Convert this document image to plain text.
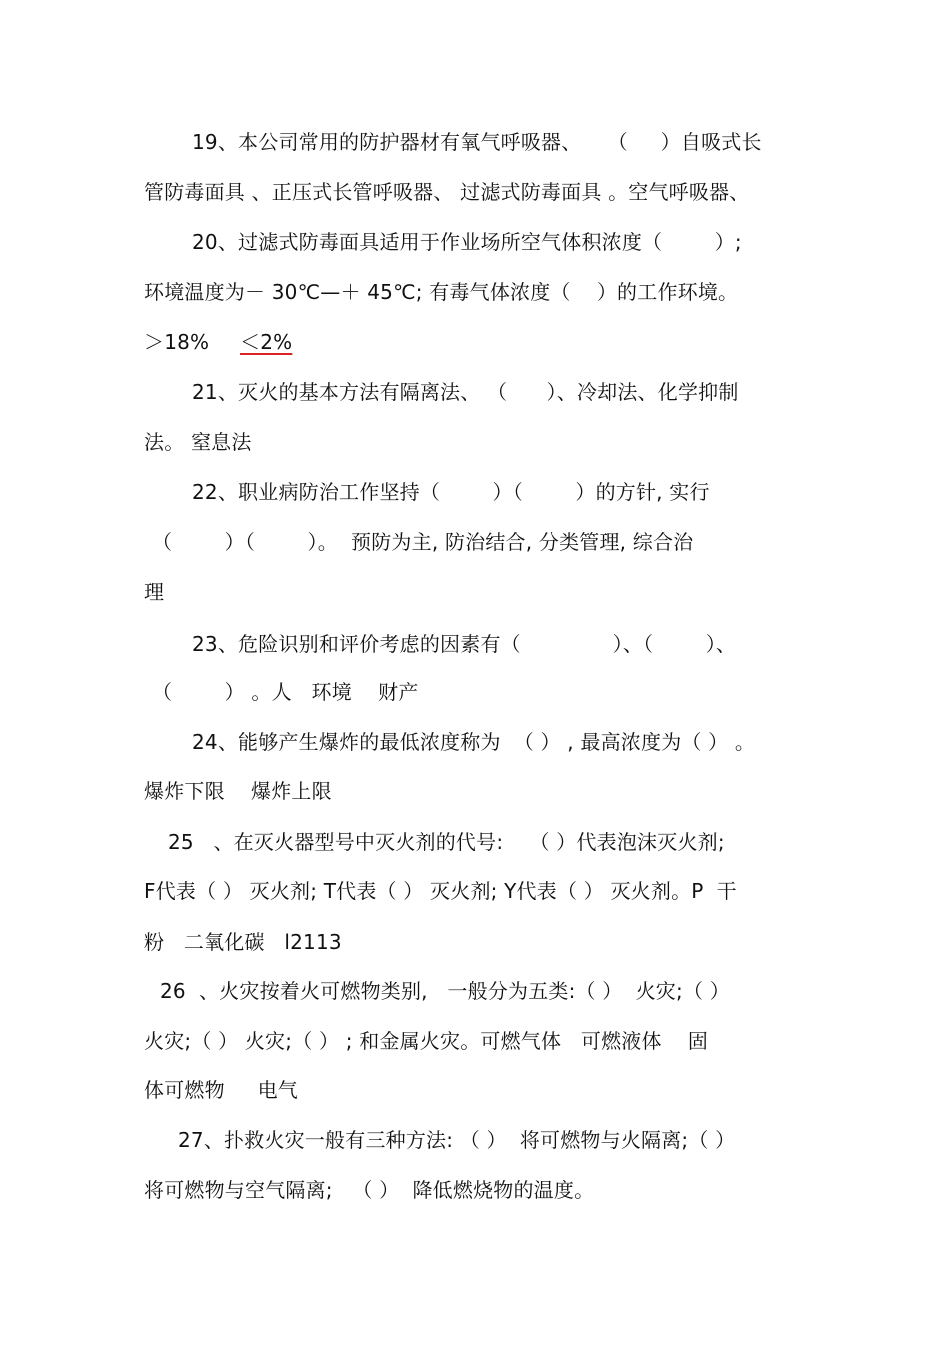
19、本公司常用的防护器材有氧气呼吸器、    （     ）自吸式长
管防毒面具 、正压式长管呼吸器、 过滤式防毒面具 。空气呼吸器、
20、过滤式防毒面具适用于作业场所空气体积浓度（        ）;
环境温度为－ 30℃—＋ 45℃; 有毒气体浓度（    ）的工作环境。
＞18% ＜2%
21、灭火的基本方法有隔离法、 （      ）、冷却法、化学抑制
法。 窒息法
22、职业病防治工作坚持（        ）（        ）的方针, 实行
（        ）（        ）。  预防为主, 防治结合, 分类管理, 综合治
理
23、危险识别和评价考虑的因素有（              ）、（        ）、
（        ） 。人   环境    财产
24、能够产生爆炸的最低浓度称为  （ ） , 最高浓度为（ ） 。
爆炸下限    爆炸上限
25   、在灭火器型号中灭火剂的代号:    （ ）代表泡沫灭火剂;
F代表（ ） 灭火剂; T代表（ ） 灭火剂; Y代表（ ） 灭火剂。P  干
粉   二氧化碳   l2113
26  、火灾按着火可燃物类别,   一般分为五类:（ ）  火灾;（ ）
火灾;（ ） 火灾;（ ） ; 和金属火灾。可燃气体   可燃液体    固
体可燃物     电气
27、扑救火灾一般有三种方法: （ ）  将可燃物与火隔离;（ ）
将可燃物与空气隔离;   （ ）  降低燃烧物的温度。
